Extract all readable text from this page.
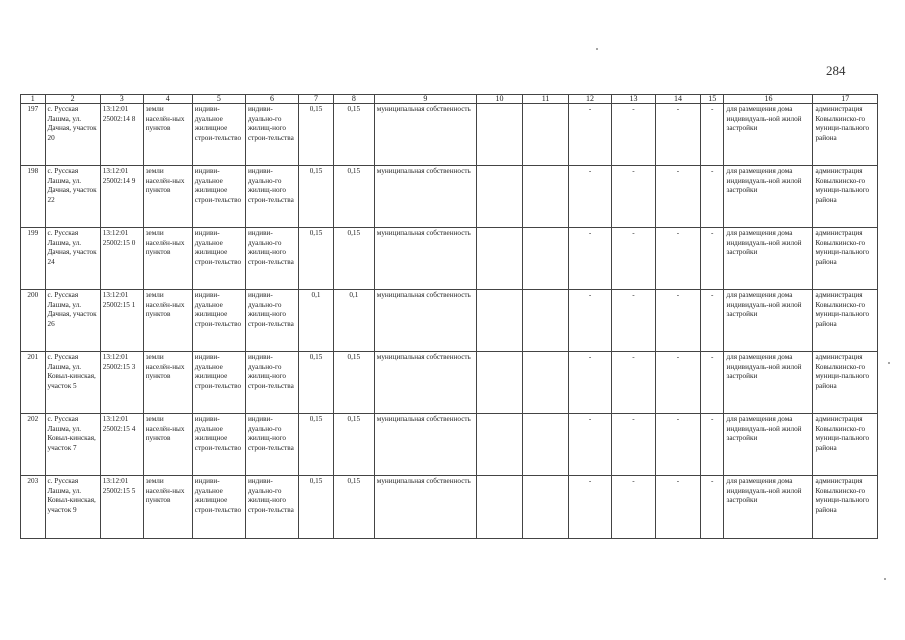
284
1	2	3	4	5	6	7	8	9	10	11	12	13	14	15	16	17
197	с. Русская Лашма, ул. Дачная, участок 20	13:12:01 25002:14 8	земли населён-ных пунктов	индиви-дуальное жилищное строи-тельство	индиви-дуально-го жилищ-ного строи-тельства	0,15	0,15	муниципальная собственность			-	-	-	-	для размещения дома индивидуаль-ной жилой застройки	администрация Ковылкинско-го муници-пального района
198	с. Русская Лашма, ул. Дачная, участок 22	13:12:01 25002:14 9	земли населён-ных пунктов	индиви-дуальное жилищное строи-тельство	индиви-дуально-го жилищ-ного строи-тельства	0,15	0,15	муниципальная собственность			-	-	-	-	для размещения дома индивидуаль-ной жилой застройки	администрация Ковылкинско-го муници-пального района
199	с. Русская Лашма, ул. Дачная, участок 24	13:12:01 25002:15 0	земли населён-ных пунктов	индиви-дуальное жилищное строи-тельство	индиви-дуально-го жилищ-ного строи-тельства	0,15	0,15	муниципальная собственность			-	-	-	-	для размещения дома индивидуаль-ной жилой застройки	администрация Ковылкинско-го муници-пального района
200	с. Русская Лашма, ул. Дачная, участок 26	13:12:01 25002:15 1	земли населён-ных пунктов	индиви-дуальное жилищное строи-тельство	индиви-дуально-го жилищ-ного строи-тельства	0,1	0,1	муниципальная собственность			-	-	-	-	для размещения дома индивидуаль-ной жилой застройки	администрация Ковылкинско-го муници-пального района
201	с. Русская Лашма, ул. Ковыл-кинская, участок 5	13:12:01 25002:15 3	земли населён-ных пунктов	индиви-дуальное жилищное строи-тельство	индиви-дуально-го жилищ-ного строи-тельства	0,15	0,15	муниципальная собственность			-	-	-	-	для размещения дома индивидуаль-ной жилой застройки	администрация Ковылкинско-го муници-пального района
202	с. Русская Лашма, ул. Ковыл-кинская, участок 7	13:12:01 25002:15 4	земли населён-ных пунктов	индиви-дуальное жилищное строи-тельство	индиви-дуально-го жилищ-ного строи-тельства	0,15	0,15	муниципальная собственность			-	-	-	-	для размещения дома индивидуаль-ной жилой застройки	администрация Ковылкинско-го муници-пального района
203	с. Русская Лашма, ул. Ковыл-кинская, участок 9	13:12:01 25002:15 5	земли населён-ных пунктов	индиви-дуальное жилищное строи-тельство	индиви-дуально-го жилищ-ного строи-тельства	0,15	0,15	муниципальная собственность			-	-	-	-	для размещения дома индивидуаль-ной жилой застройки	администрация Ковылкинско-го муници-пального района
